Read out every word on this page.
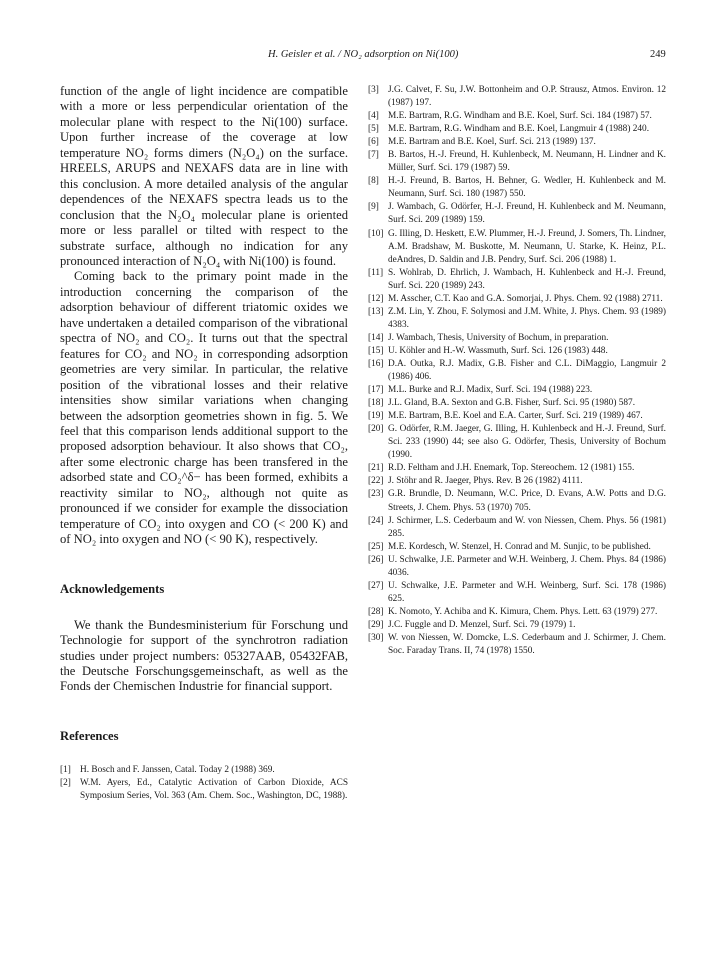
H. Geisler et al. / NO₂ adsorption on Ni(100)	249

function of the angle of light incidence are compatible with a more or less perpendicular orientation of the molecular plane with respect to the Ni(100) surface. Upon further increase of the coverage at low temperature NO₂ forms dimers (N₂O₄) on the surface. HREELS, ARUPS and NEXAFS data are in line with this conclusion. A more detailed analysis of the angular dependences of the NEXAFS spectra leads us to the conclusion that the N₂O₄ molecular plane is oriented more or less parallel or tilted with respect to the substrate surface, although no indication for any pronounced interaction of N₂O₄ with Ni(100) is found.

Coming back to the primary point made in the introduction concerning the comparison of the adsorption behaviour of different triatomic oxides we have undertaken a detailed comparison of the vibrational spectra of NO₂ and CO₂. It turns out that the spectral features for CO₂ and NO₂ in corresponding adsorption geometries are very similar. In particular, the relative position of the vibrational losses and their relative intensities show similar variations when changing between the adsorption geometries shown in fig. 5. We feel that this comparison lends additional support to the proposed adsorption behaviour. It also shows that CO₂, after some electronic charge has been transfered in the adsorbed state and CO₂^δ− has been formed, exhibits a reactivity similar to NO₂, although not quite as pronounced if we consider for example the dissociation temperature of CO₂ into oxygen and CO (< 200 K) and of NO₂ into oxygen and NO (< 90 K), respectively.

Acknowledgements

We thank the Bundesministerium für Forschung und Technologie for support of the synchrotron radiation studies under project numbers: 05327AAB, 05432FAB, the Deutsche Forschungsgemeinschaft, as well as the Fonds der Chemischen Industrie for financial support.

References
[1] H. Bosch and F. Janssen, Catal. Today 2 (1988) 369.
[2] W.M. Ayers, Ed., Catalytic Activation of Carbon Dioxide, ACS Symposium Series, Vol. 363 (Am. Chem. Soc., Washington, DC, 1988).
[3] J.G. Calvet, F. Su, J.W. Bottonheim and O.P. Strausz, Atmos. Environ. 12 (1987) 197.
[4] M.E. Bartram, R.G. Windham and B.E. Koel, Surf. Sci. 184 (1987) 57.
[5] M.E. Bartram, R.G. Windham and B.E. Koel, Langmuir 4 (1988) 240.
[6] M.E. Bartram and B.E. Koel, Surf. Sci. 213 (1989) 137.
[7] B. Bartos, H.-J. Freund, H. Kuhlenbeck, M. Neumann, H. Lindner and K. Müller, Surf. Sci. 179 (1987) 59.
[8] H.-J. Freund, B. Bartos, H. Behner, G. Wedler, H. Kuhlenbeck and M. Neumann, Surf. Sci. 180 (1987) 550.
[9] J. Wambach, G. Odörfer, H.-J. Freund, H. Kuhlenbeck and M. Neumann, Surf. Sci. 209 (1989) 159.
[10] G. Illing, D. Heskett, E.W. Plummer, H.-J. Freund, J. Somers, Th. Lindner, A.M. Bradshaw, M. Buskotte, M. Neumann, U. Starke, K. Heinz, P.L. deAndres, D. Saldin and J.B. Pendry, Surf. Sci. 206 (1988) 1.
[11] S. Wohlrab, D. Ehrlich, J. Wambach, H. Kuhlenbeck and H.-J. Freund, Surf. Sci. 220 (1989) 243.
[12] M. Asscher, C.T. Kao and G.A. Somorjai, J. Phys. Chem. 92 (1988) 2711.
[13] Z.M. Lin, Y. Zhou, F. Solymosi and J.M. White, J. Phys. Chem. 93 (1989) 4383.
[14] J. Wambach, Thesis, University of Bochum, in preparation.
[15] U. Köhler and H.-W. Wassmuth, Surf. Sci. 126 (1983) 448.
[16] D.A. Outka, R.J. Madix, G.B. Fisher and C.L. DiMaggio, Langmuir 2 (1986) 406.
[17] M.L. Burke and R.J. Madix, Surf. Sci. 194 (1988) 223.
[18] J.L. Gland, B.A. Sexton and G.B. Fisher, Surf. Sci. 95 (1980) 587.
[19] M.E. Bartram, B.E. Koel and E.A. Carter, Surf. Sci. 219 (1989) 467.
[20] G. Odörfer, R.M. Jaeger, G. Illing, H. Kuhlenbeck and H.-J. Freund, Surf. Sci. 233 (1990) 44; see also G. Odörfer, Thesis, University of Bochum (1990.
[21] R.D. Feltham and J.H. Enemark, Top. Stereochem. 12 (1981) 155.
[22] J. Stöhr and R. Jaeger, Phys. Rev. B 26 (1982) 4111.
[23] G.R. Brundle, D. Neumann, W.C. Price, D. Evans, A.W. Potts and D.G. Streets, J. Chem. Phys. 53 (1970) 705.
[24] J. Schirmer, L.S. Cederbaum and W. von Niessen, Chem. Phys. 56 (1981) 285.
[25] M.E. Kordesch, W. Stenzel, H. Conrad and M. Sunjic, to be published.
[26] U. Schwalke, J.E. Parmeter and W.H. Weinberg, J. Chem. Phys. 84 (1986) 4036.
[27] U. Schwalke, J.E. Parmeter and W.H. Weinberg, Surf. Sci. 178 (1986) 625.
[28] K. Nomoto, Y. Achiba and K. Kimura, Chem. Phys. Lett. 63 (1979) 277.
[29] J.C. Fuggle and D. Menzel, Surf. Sci. 79 (1979) 1.
[30] W. von Niessen, W. Domcke, L.S. Cederbaum and J. Schirmer, J. Chem. Soc. Faraday Trans. II, 74 (1978) 1550.
